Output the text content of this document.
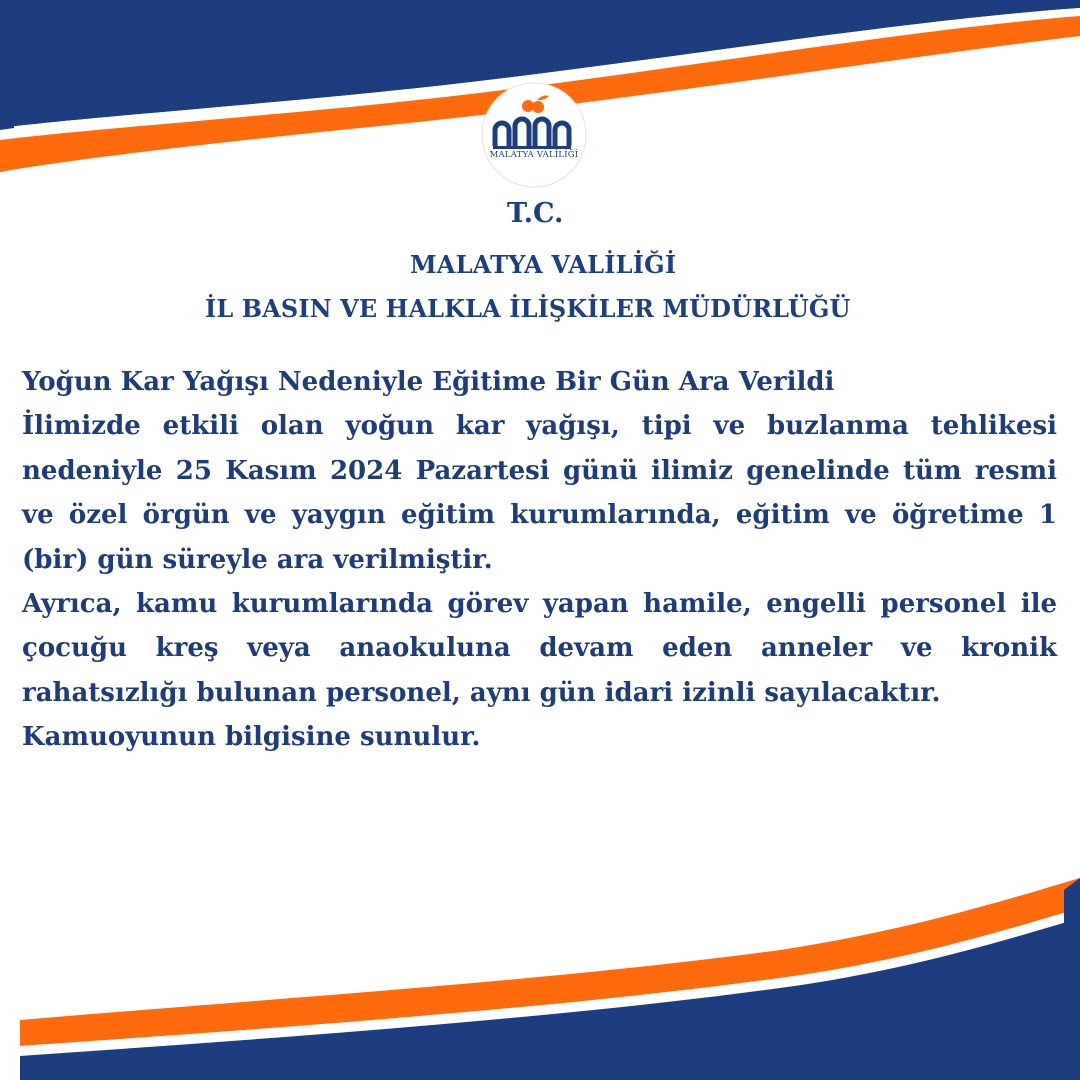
MALATYA VALİLİĞİ

T.C.

MALATYA VALİLİĞİ

İL BASIN VE HALKLA İLİŞKİLER MÜDÜRLÜĞÜ

Yoğun Kar Yağışı Nedeniyle Eğitime Bir Gün Ara Verildi

İlimizde etkili olan yoğun kar yağışı, tipi ve buzlanma tehlikesi nedeniyle 25 Kasım 2024 Pazartesi günü ilimiz genelinde tüm resmi ve özel örgün ve yaygın eğitim kurumlarında, eğitim ve öğretime 1 (bir) gün süreyle ara verilmiştir.

Ayrıca, kamu kurumlarında görev yapan hamile, engelli personel ile çocuğu kreş veya anaokuluna devam eden anneler ve kronik rahatsızlığı bulunan personel, aynı gün idari izinli sayılacaktır.

Kamuoyunun bilgisine sunulur.
